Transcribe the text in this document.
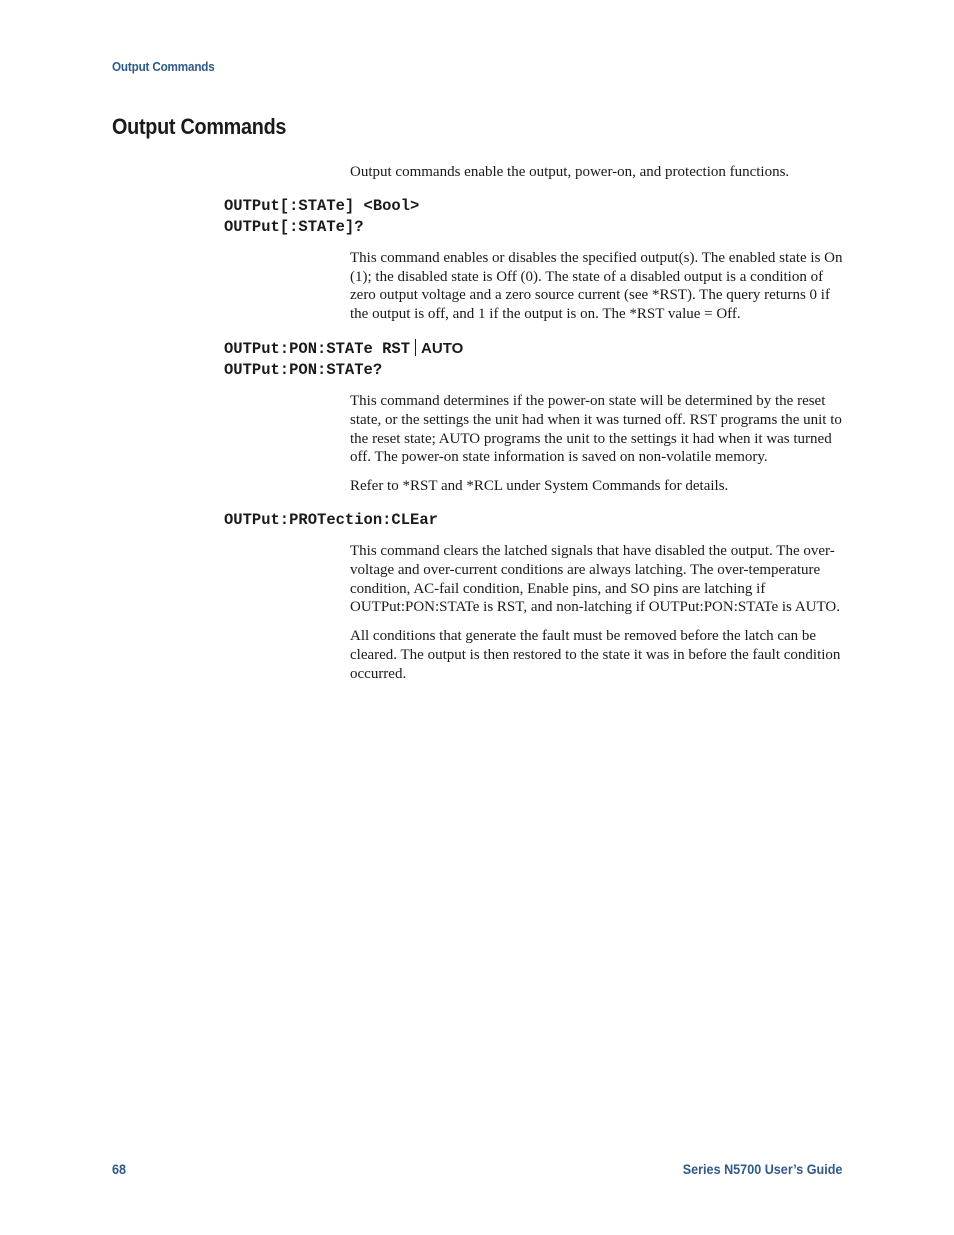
Output Commands
Output Commands

Output commands enable the output, power-on, and protection functions.

OUTPut[:STATe] <Bool>

OUTPut[:STATe]?

This command enables or disables the specified output(s). The enabled state is On (1); the disabled state is Off (0). The state of a disabled output is a condition of zero output voltage and a zero source current (see *RST). The query returns 0 if the output is off, and 1 if the output is on. The *RST value = Off.

OUTPut:PON:STATe RST AUTO

OUTPut:PON:STATe?

This command determines if the power-on state will be determined by the reset state, or the settings the unit had when it was turned off. RST programs the unit to the reset state; AUTO programs the unit to the settings it had when it was turned off. The power-on state information is saved on non-volatile memory.

Refer to *RST and *RCL under System Commands for details.

OUTPut:PROTection:CLEar

This command clears the latched signals that have disabled the output. The over-voltage and over-current conditions are always latching. The over-temperature condition, AC-fail condition, Enable pins, and SO pins are latching if OUTPut:PON:STATe is RST, and non-latching if OUTPut:PON:STATe is AUTO.

All conditions that generate the fault must be removed before the latch can be cleared. The output is then restored to the state it was in before the fault condition occurred.

68	Series N5700 User’s Guide
